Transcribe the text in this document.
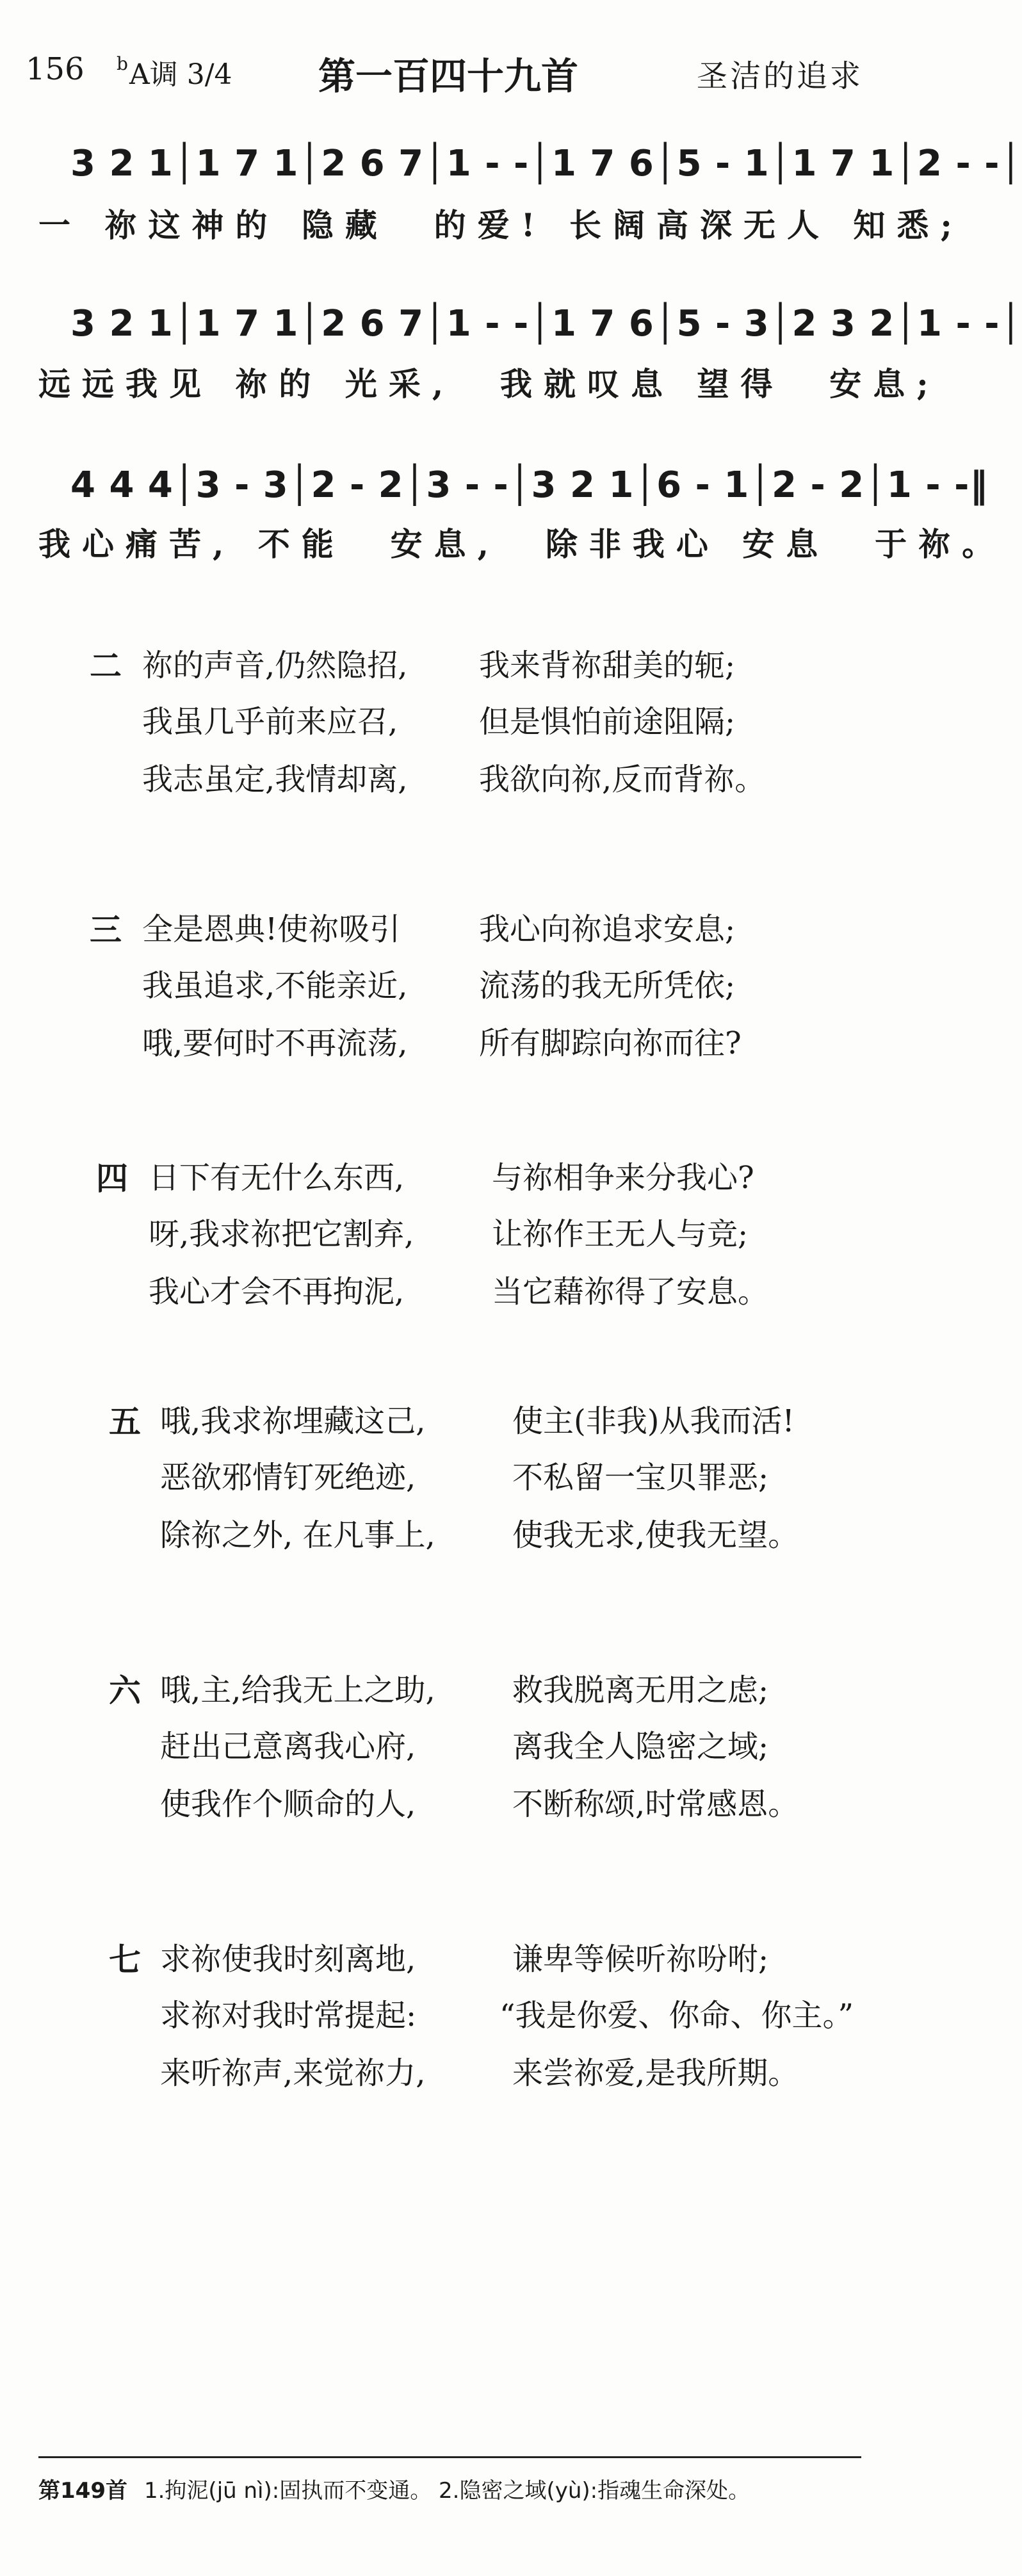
156 $^b$A调 3/4	第一百四十九首	圣洁的追求
3 2 1│1 7 1│2 6 7│1 - -│1 7 6│5 - 1│1 7 1│2 - -│
一 祢这神的 隐藏  的爱! 长阔高深无人 知悉;
3 2 1│1 7 1│2 6 7│1 - -│1 7 6│5 - 3│2 3 2│1 - -│
远远我见 祢的 光采,  我就叹息 望得  安息;
4 4 4│3 - 3│2 - 2│3 - -│3 2 1│6 - 1│2 - 2│1 - -‖
我心痛苦, 不能  安息,  除非我心 安息  于祢。
二 祢的声音,仍然隐招, 我来背祢甜美的轭;
我虽几乎前来应召,	但是惧怕前途阻隔;
我志虽定,我情却离, 我欲向祢,反而背祢。
三 全是恩典!使祢吸引	我心向祢追求安息;
我虽追求,不能亲近, 流荡的我无所凭依;
哦,要何时不再流荡, 所有脚踪向祢而往?
四 日下有无什么东西,	与祢相争来分我心?
呀,我求祢把它割弃,	让祢作王无人与竞;
我心才会不再拘泥,	当它藉祢得了安息。
五 哦,我求祢埋藏这己,	使主(非我)从我而活!
恶欲邪情钉死绝迹,	不私留一宝贝罪恶;
除祢之外, 在凡事上,	使我无求,使我无望。
六 哦,主,给我无上之助,	救我脱离无用之虑;
赶出己意离我心府,	离我全人隐密之域;
使我作个顺命的人,	不断称颂,时常感恩。
七 求祢使我时刻离地,	谦卑等候听祢吩咐;
求祢对我时常提起:	“我是你爱、你命、你主。”
来听祢声,来觉祢力,	来尝祢爱,是我所期。
第149首 1.拘泥(jū nì):固执而不变通。 2.隐密之域(yù):指魂生命深处。
